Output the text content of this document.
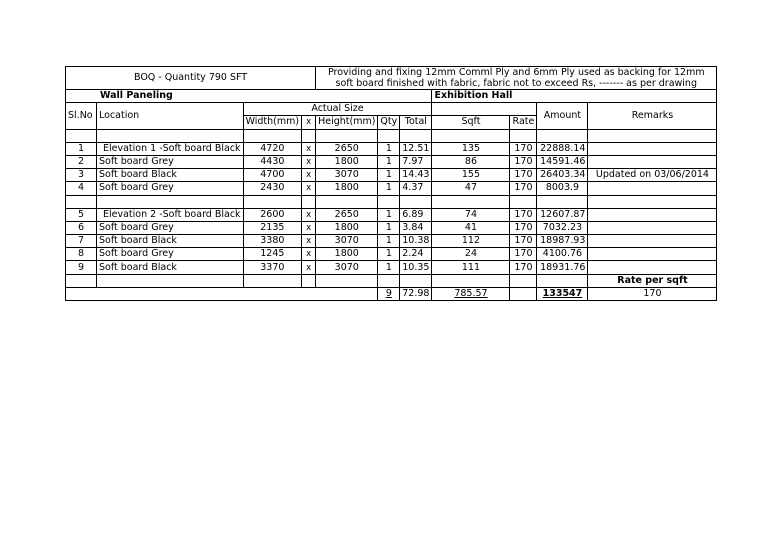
BOQ - Quantity 790 SFT				Providing and fixing 12mm Comml Ply and 6mm Ply used as backing for 12mm soft board finished with fabric, fabric not to exceed Rs, ------- as per drawing						
	Wall Paneling						Exhibition Hall			
Sl.No	Location	Actual Size							Amount	Remarks
		Width(mm)	x	Height(mm)	Qty	Total	Sqft	Rate		

1	Elevation 1 -Soft board Black	4720	x	2650	1	12.51	135	170	22888.14	
2	Soft board Grey	4430	x	1800	1	7.97	86	170	14591.46	
3	Soft board Black	4700	x	3070	1	14.43	155	170	26403.34	Updated on 03/06/2014
4	Soft board Grey	2430	x	1800	1	4.37	47	170	8003.9	

5	Elevation 2 -Soft board Black	2600	x	2650	1	6.89	74	170	12607.87	
6	Soft board Grey	2135	x	1800	1	3.84	41	170	7032.23	
7	Soft board Black	3380	x	3070	1	10.38	112	170	18987.93	
8	Soft board Grey	1245	x	1800	1	2.24	24	170	4100.76	
9	Soft board Black	3370	x	3070	1	10.35	111	170	18931.76	
										Rate per sqft
					9	72.98	785.57		133547	170
